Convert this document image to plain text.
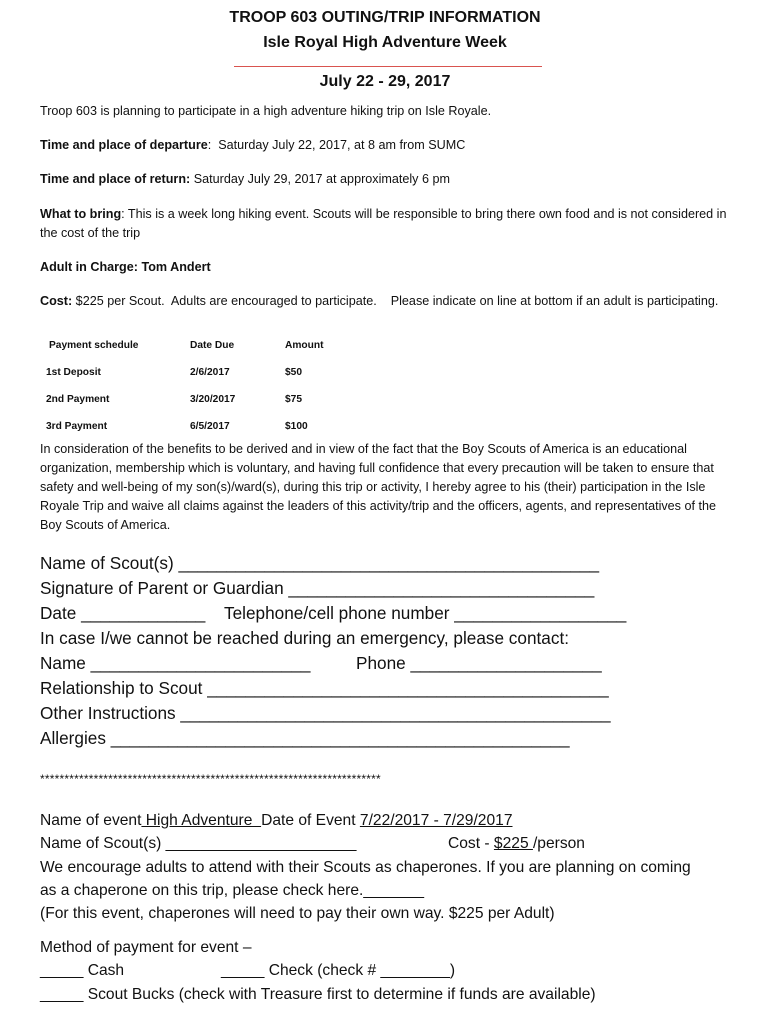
TROOP 603 OUTING/TRIP INFORMATION
Isle Royal High Adventure Week
July 22 - 29, 2017
Troop 603 is planning to participate in a high adventure hiking trip on Isle Royale.
Time and place of departure:  Saturday July 22, 2017, at 8 am from SUMC
Time and place of return: Saturday July 29, 2017 at approximately 6 pm
What to bring: This is a week long hiking event. Scouts will be responsible to bring there own food and is not considered in the cost of the trip
Adult in Charge: Tom Andert
Cost: $225 per Scout.  Adults are encouraged to participate.    Please indicate on line at bottom if an adult is participating.
Payment schedule	Date Due	Amount
1st Deposit	2/6/2017	$50
2nd Payment	3/20/2017	$75
3rd Payment	6/5/2017	$100
In consideration of the benefits to be derived and in view of the fact that the Boy Scouts of America is an educational organization, membership which is voluntary, and having full confidence that every precaution will be taken to ensure that safety and well-being of my son(s)/ward(s), during this trip or activity, I hereby agree to his (their) participation in the Isle Royale Trip and waive all claims against the leaders of this activity/trip and the officers, agents, and representatives of the Boy Scouts of America.
Name of Scout(s) ____________________________________________
Signature of Parent or Guardian ________________________________
Date _____________ Telephone/cell phone number __________________
In case I/we cannot be reached during an emergency, please contact:
Name _______________________	Phone ____________________
Relationship to Scout __________________________________________
Other Instructions _____________________________________________
Allergies ________________________________________________
**********************************************************************
Name of event High Adventure  Date of Event 7/22/2017 - 7/29/2017
Name of Scout(s) ______________________	Cost - $225 /person
We encourage adults to attend with their Scouts as chaperones. If you are planning on coming
as a chaperone on this trip, please check here._______
(For this event, chaperones will need to pay their own way. $225 per Adult)
Method of payment for event –
_____ Cash	_____ Check (check # ________)
_____ Scout Bucks (check with Treasure first to determine if funds are available)
